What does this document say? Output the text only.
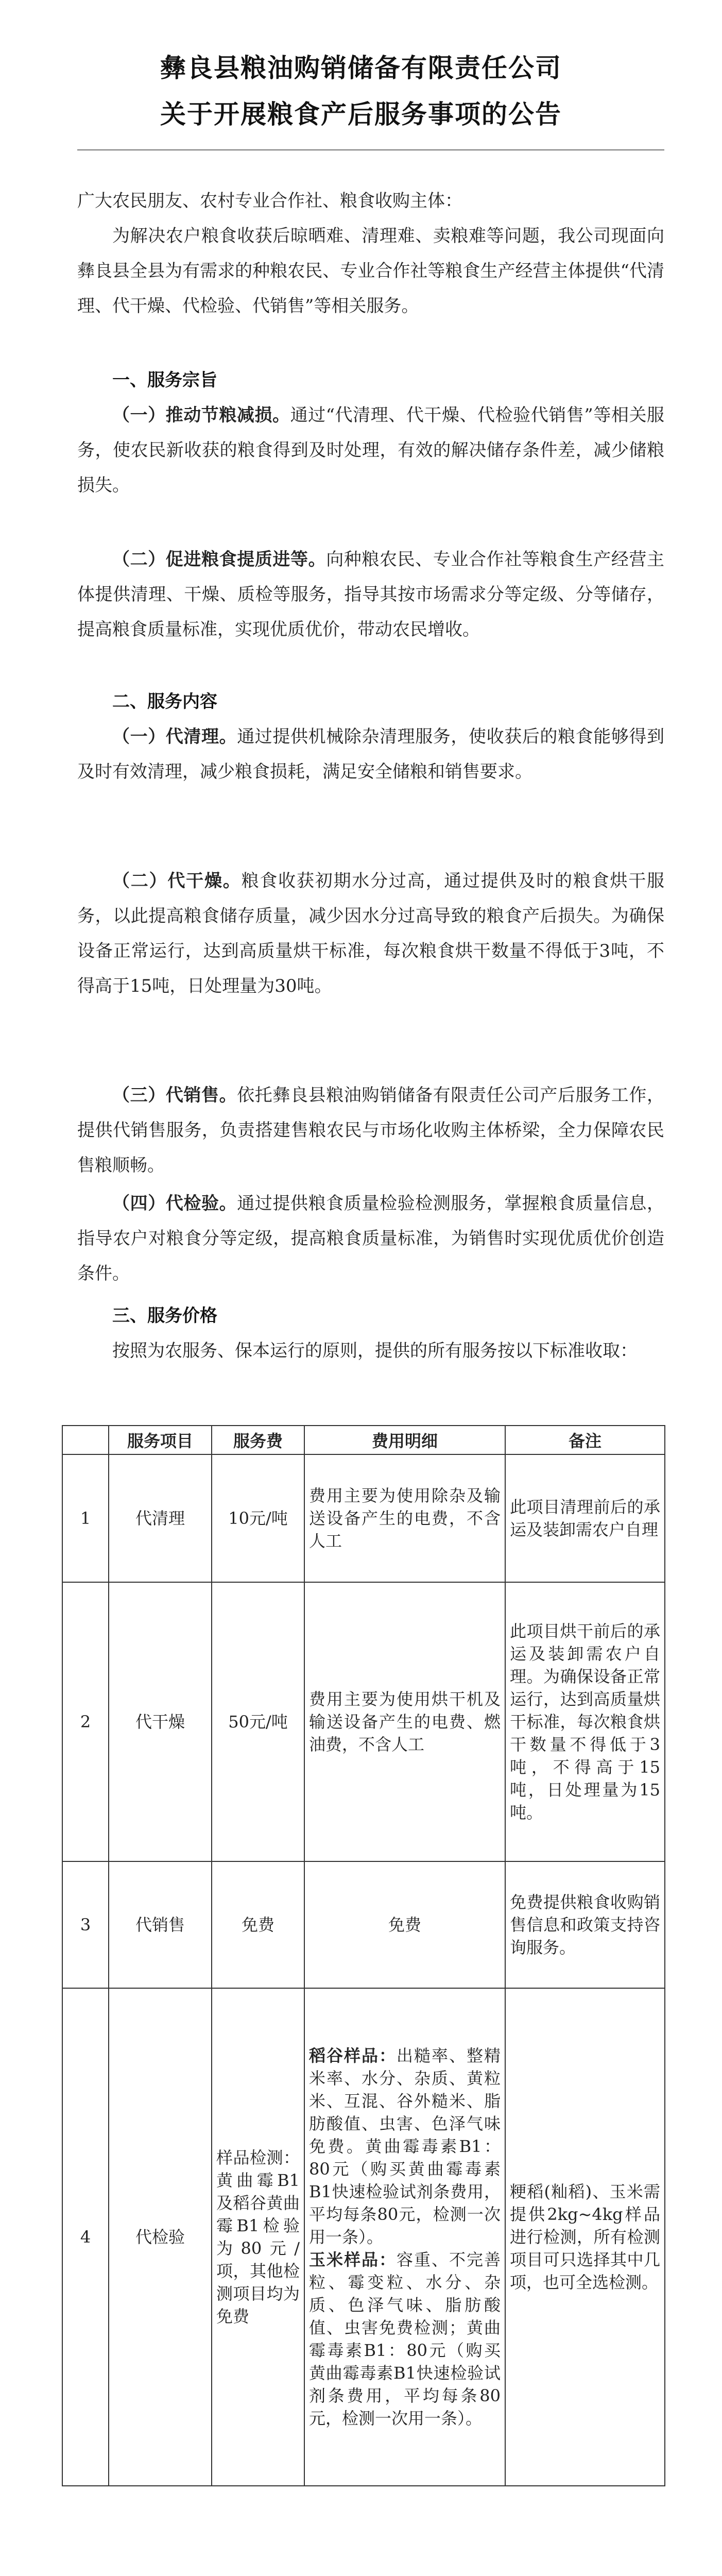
彝良县粮油购销储备有限责任公司
关于开展粮食产后服务事项的公告
广大农民朋友、农村专业合作社、粮食收购主体：
为解决农户粮食收获后晾晒难、清理难、卖粮难等问题，我公司现面向彝良县全县为有需求的种粮农民、专业合作社等粮食生产经营主体提供“代清理、代干燥、代检验、代销售”等相关服务。
一、服务宗旨
（一）推动节粮减损。通过“代清理、代干燥、代检验代销售”等相关服务，使农民新收获的粮食得到及时处理，有效的解决储存条件差，减少储粮损失。
（二）促进粮食提质进等。向种粮农民、专业合作社等粮食生产经营主体提供清理、干燥、质检等服务，指导其按市场需求分等定级、分等储存，提高粮食质量标准，实现优质优价，带动农民增收。
二、服务内容
（一）代清理。通过提供机械除杂清理服务，使收获后的粮食能够得到及时有效清理，减少粮食损耗，满足安全储粮和销售要求。
（二）代干燥。粮食收获初期水分过高，通过提供及时的粮食烘干服务，以此提高粮食储存质量，减少因水分过高导致的粮食产后损失。为确保设备正常运行，达到高质量烘干标准，每次粮食烘干数量不得低于3吨，不得高于15吨，日处理量为30吨。
（三）代销售。依托彝良县粮油购销储备有限责任公司产后服务工作，提供代销售服务，负责搭建售粮农民与市场化收购主体桥梁，全力保障农民售粮顺畅。
（四）代检验。通过提供粮食质量检验检测服务，掌握粮食质量信息，指导农户对粮食分等定级，提高粮食质量标准，为销售时实现优质优价创造条件。
三、服务价格
按照为农服务、保本运行的原则，提供的所有服务按以下标准收取：
	服务项目	服务费	费用明细	备注
1	代清理	10元/吨	费用主要为使用除杂及输送设备产生的电费，不含人工	此项目清理前后的承运及装卸需农户自理
2	代干燥	50元/吨	费用主要为使用烘干机及输送设备产生的电费、燃油费，不含人工	此项目烘干前后的承运及装卸需农户自理。为确保设备正常运行，达到高质量烘干标准，每次粮食烘干数量不得低于3吨，不得高于15吨，日处理量为15吨。
3	代销售	免费	免费	免费提供粮食收购销售信息和政策支持咨询服务。
4	代检验	样品检测：黄曲霉B1及稻谷黄曲霉B1检验为80元/项，其他检测项目均为免费	稻谷样品：出糙率、整精米率、水分、杂质、黄粒米、互混、谷外糙米、脂肪酸值、虫害、色泽气味免费。黄曲霉毒素B1：80元（购买黄曲霉毒素B1快速检验试剂条费用，平均每条80元，检测一次用一条）。
玉米样品：容重、不完善粒、霉变粒、水分、杂质、色泽气味、脂肪酸值、虫害免费检测；黄曲霉毒素B1：80元（购买黄曲霉毒素B1快速检验试剂条费用，平均每条80元，检测一次用一条）。	粳稻(籼稻)、玉米需提供2kg~4kg样品进行检测，所有检测项目可只选择其中几项，也可全选检测。
